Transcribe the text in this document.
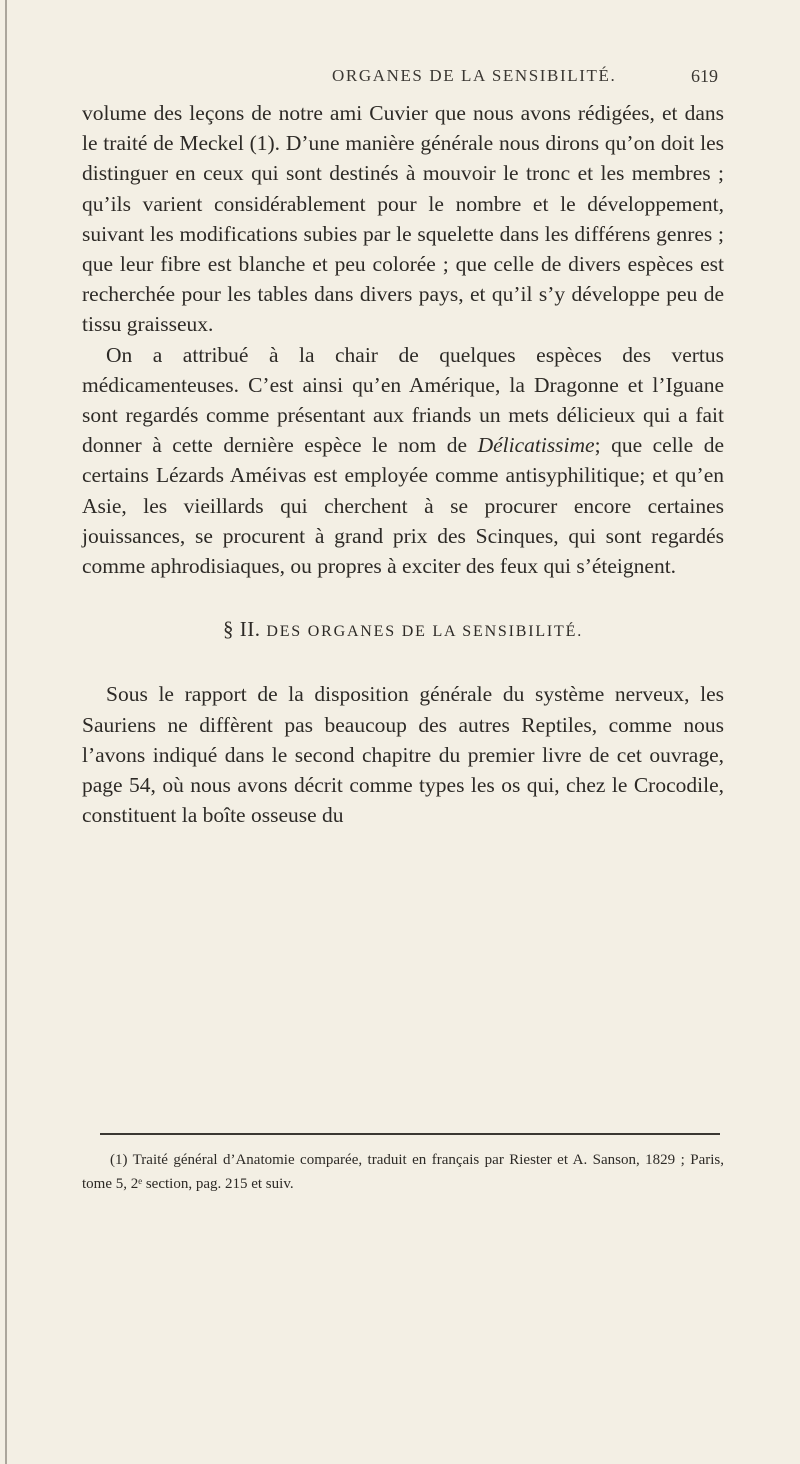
ORGANES DE LA SENSIBILITÉ.	619

volume des leçons de notre ami Cuvier que nous avons rédigées, et dans le traité de Meckel (1). D’une manière générale nous dirons qu’on doit les distinguer en ceux qui sont destinés à mouvoir le tronc et les membres ; qu’ils varient considérablement pour le nombre et le développement, suivant les modifications subies par le squelette dans les différens genres ; que leur fibre est blanche et peu colorée ; que celle de divers espèces est recherchée pour les tables dans divers pays, et qu’il s’y développe peu de tissu graisseux.

On a attribué à la chair de quelques espèces des vertus médicamenteuses. C’est ainsi qu’en Amérique, la Dragonne et l’Iguane sont regardés comme présentant aux friands un mets délicieux qui a fait donner à cette dernière espèce le nom de Délicatissime; que celle de certains Lézards Améivas est employée comme antisyphilitique; et qu’en Asie, les vieillards qui cherchent à se procurer encore certaines jouissances, se procurent à grand prix des Scinques, qui sont regardés comme aphrodisiaques, ou propres à exciter des feux qui s’éteignent.

§ II. DES ORGANES DE LA SENSIBILITÉ.

Sous le rapport de la disposition générale du système nerveux, les Sauriens ne diffèrent pas beaucoup des autres Reptiles, comme nous l’avons indiqué dans le second chapitre du premier livre de cet ouvrage, page 54, où nous avons décrit comme types les os qui, chez le Crocodile, constituent la boîte osseuse du

(1) Traité général d’Anatomie comparée, traduit en français par Riester et A. Sanson, 1829 ; Paris, tome 5, 2ᵉ section, pag. 215 et suiv.
